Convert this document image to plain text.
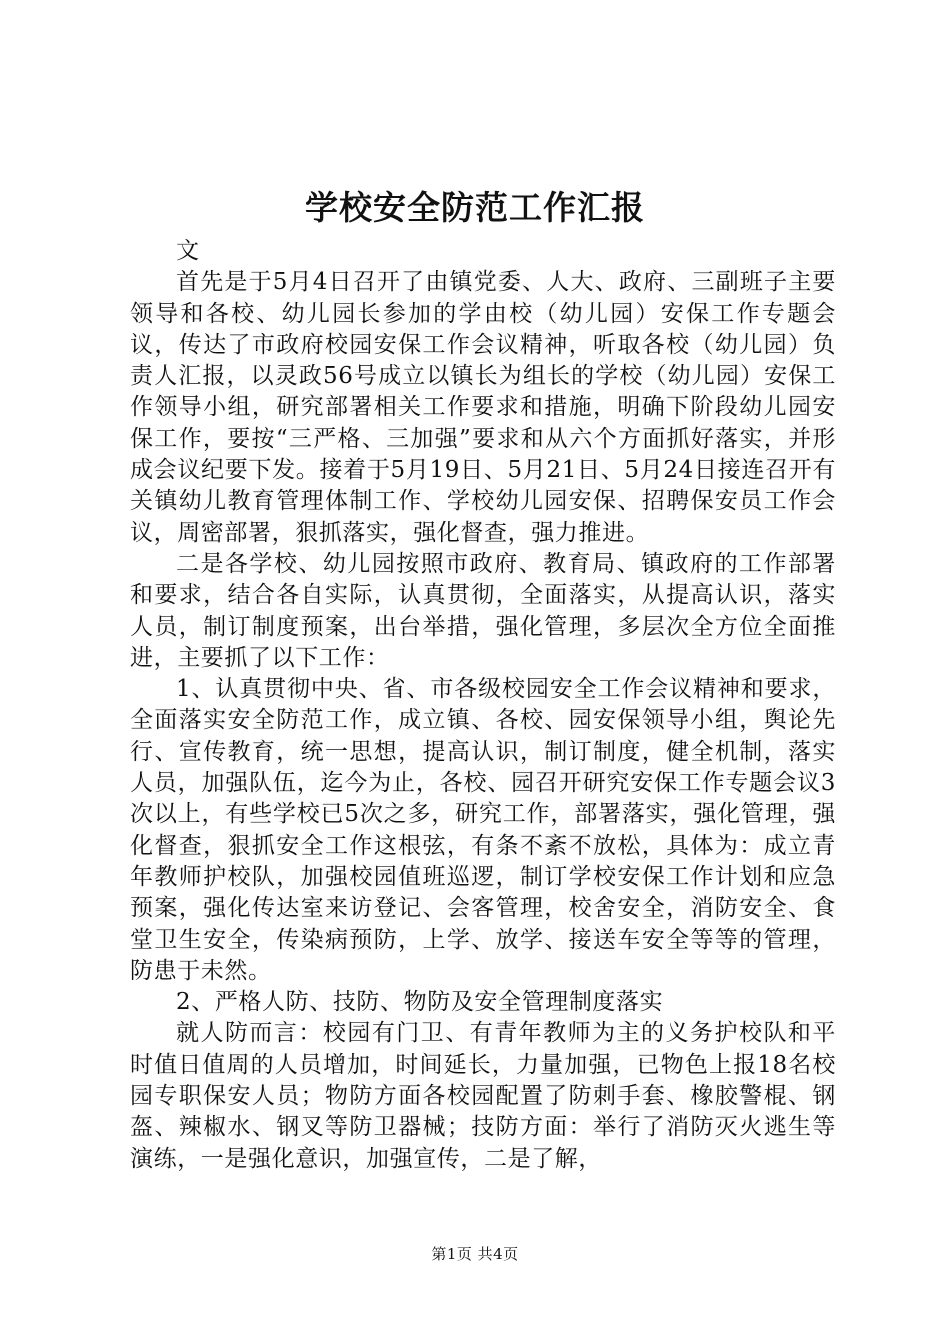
学校安全防范工作汇报

文

首先是于5月4日召开了由镇党委、人大、政府、三副班子主要领导和各校、幼儿园长参加的学由校（幼儿园）安保工作专题会议，传达了市政府校园安保工作会议精神，听取各校（幼儿园）负责人汇报，以灵政56号成立以镇长为组长的学校（幼儿园）安保工作领导小组，研究部署相关工作要求和措施，明确下阶段幼儿园安保工作，要按“三严格、三加强”要求和从六个方面抓好落实，并形成会议纪要下发。接着于5月19日、5月21日、5月24日接连召开有关镇幼儿教育管理体制工作、学校幼儿园安保、招聘保安员工作会议，周密部署，狠抓落实，强化督查，强力推进。

二是各学校、幼儿园按照市政府、教育局、镇政府的工作部署和要求，结合各自实际，认真贯彻，全面落实，从提高认识，落实人员，制订制度预案，出台举措，强化管理，多层次全方位全面推进，主要抓了以下工作：

1、认真贯彻中央、省、市各级校园安全工作会议精神和要求，全面落实安全防范工作，成立镇、各校、园安保领导小组，舆论先行、宣传教育，统一思想，提高认识，制订制度，健全机制，落实人员，加强队伍，迄今为止，各校、园召开研究安保工作专题会议3次以上，有些学校已5次之多，研究工作，部署落实，强化管理，强化督查，狠抓安全工作这根弦，有条不紊不放松，具体为：成立青年教师护校队，加强校园值班巡逻，制订学校安保工作计划和应急预案，强化传达室来访登记、会客管理，校舍安全，消防安全、食堂卫生安全，传染病预防，上学、放学、接送车安全等等的管理，防患于未然。

2、严格人防、技防、物防及安全管理制度落实

就人防而言：校园有门卫、有青年教师为主的义务护校队和平时值日值周的人员增加，时间延长，力量加强，已物色上报18名校园专职保安人员；物防方面各校园配置了防刺手套、橡胶警棍、钢盔、辣椒水、钢叉等防卫器械；技防方面：举行了消防灭火逃生等演练，一是强化意识，加强宣传，二是了解，

第1页 共4页
